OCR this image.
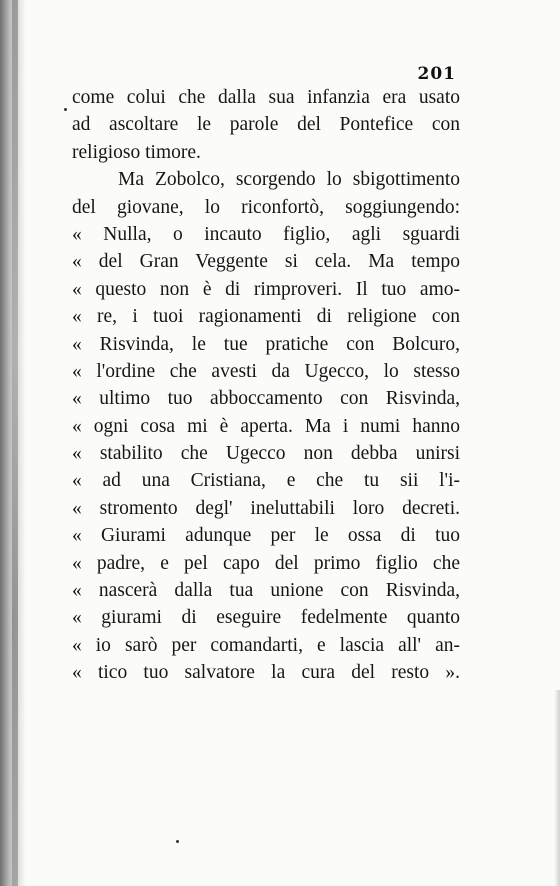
201
come colui che dalla sua infanzia era usato
ad ascoltare le parole del Pontefice con
religioso timore.
Ma Zobolco, scorgendo lo sbigottimento
del giovane, lo riconfortò, soggiungendo:
« Nulla, o incauto figlio, agli sguardi
« del Gran Veggente si cela. Ma tempo
« questo non è di rimproveri. Il tuo amo-
« re, i tuoi ragionamenti di religione con
« Risvinda, le tue pratiche con Bolcuro,
« l'ordine che avesti da Ugecco, lo stesso
« ultimo tuo abboccamento con Risvinda,
« ogni cosa mi è aperta. Ma i numi hanno
« stabilito che Ugecco non debba unirsi
« ad una Cristiana, e che tu sii l'i-
« stromento degl' ineluttabili loro decreti.
« Giurami adunque per le ossa di tuo
« padre, e pel capo del primo figlio che
« nascerà dalla tua unione con Risvinda,
« giurami di eseguire fedelmente quanto
« io sarò per comandarti, e lascia all' an-
« tico tuo salvatore la cura del resto ».
